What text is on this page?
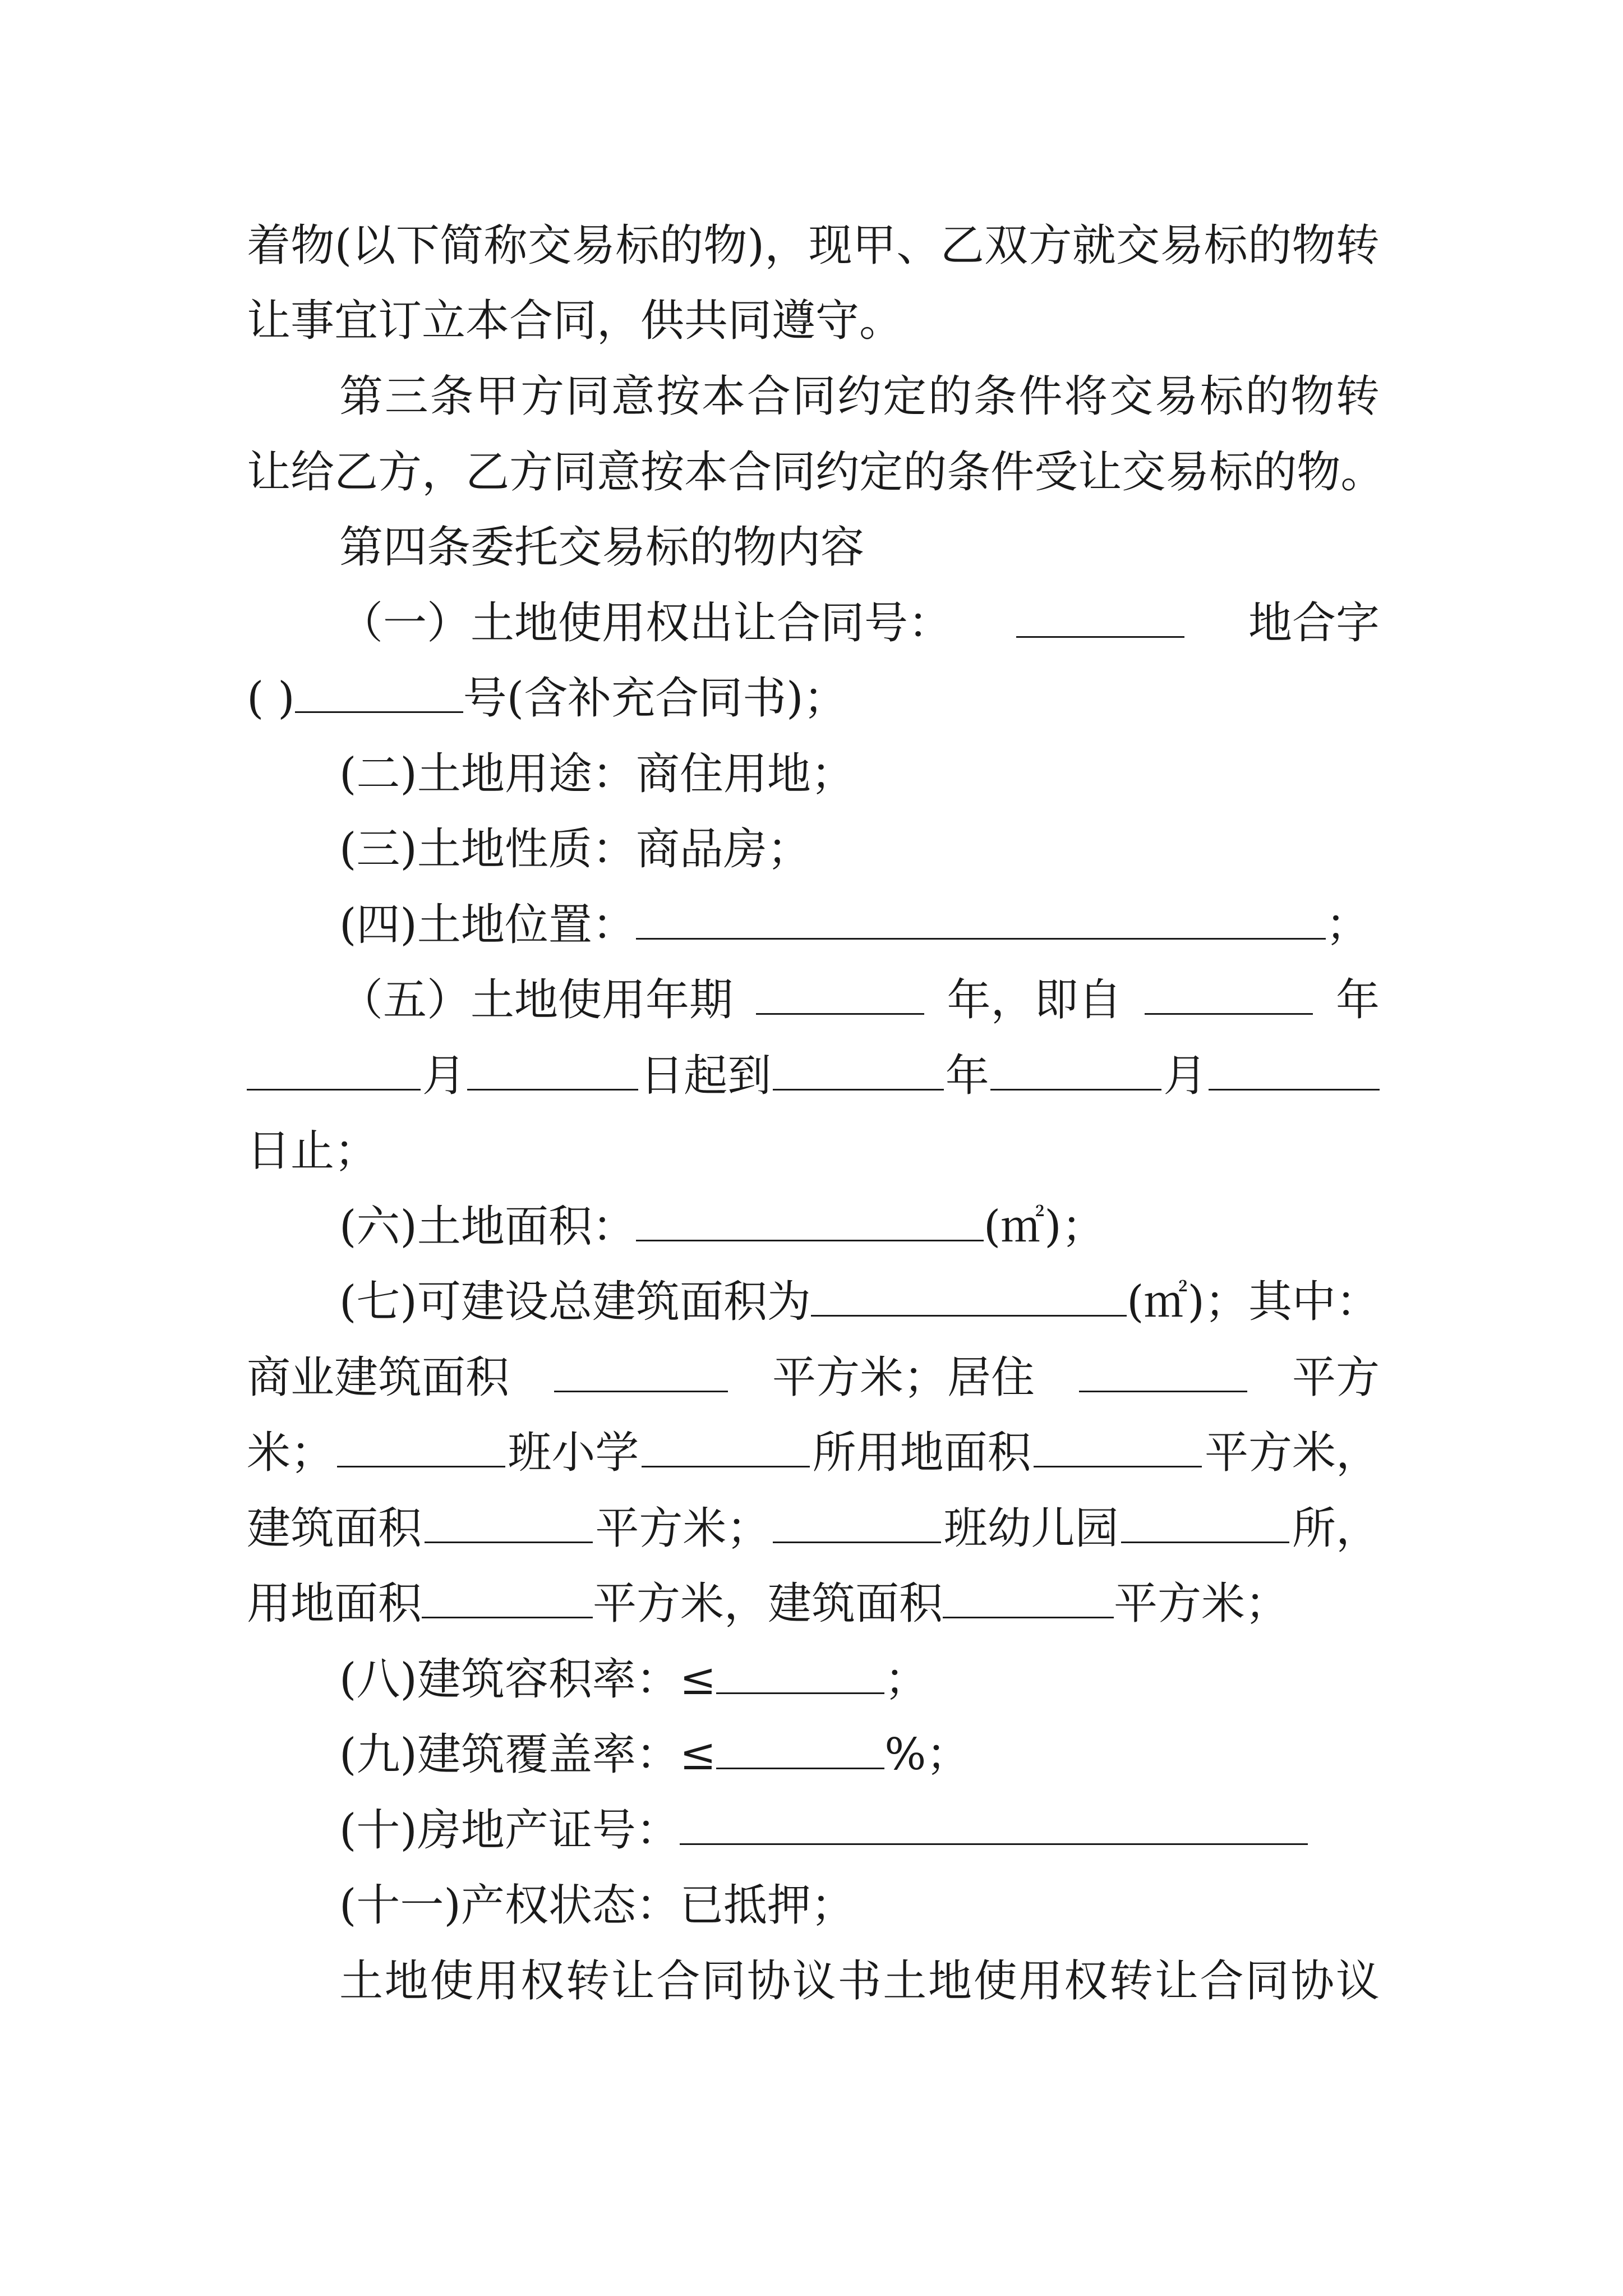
着 物 ( 以 下 简 称 交 易 标 的 物 ) ， 现 甲 、 乙 双 方 就 交 易 标 的 物 转
让事宜订立本合同，供共同遵守。
第 三 条 甲 方 同 意 按 本 合 同 约 定 的 条 件 将 交 易 标 的 物 转
让 给 乙 方 ， 乙 方 同 意 按 本 合 同 约 定 的 条 件 受 让 交 易 标 的 物 。
第四条委托交易标的物内容
（一）土地使用权出让合同号：	地合字
( )	号(含补充合同书)；
(二)土地用途：商住用地；
(三)土地性质：商品房；
(四)土地位置：	；
（五）土地使用年期	年，即自	年
月	日起到	年	月
日止；
(六)土地面积：	(㎡)；
(七)可建设总建筑面积为	(㎡)；其中：
商业建筑面积	平方米；居住	平方
米；	班小学	所用地面积	平方米，
建筑面积	平方米；	班幼儿园	所，
用地面积	平方米，建筑面积	平方米；
(八)建筑容积率：≤	；
(九)建筑覆盖率：≤	%；
(十)房地产证号：
(十一)产权状态：已抵押；
土 地 使 用 权 转 让 合 同 协 议 书 土 地 使 用 权 转 让 合 同 协 议
